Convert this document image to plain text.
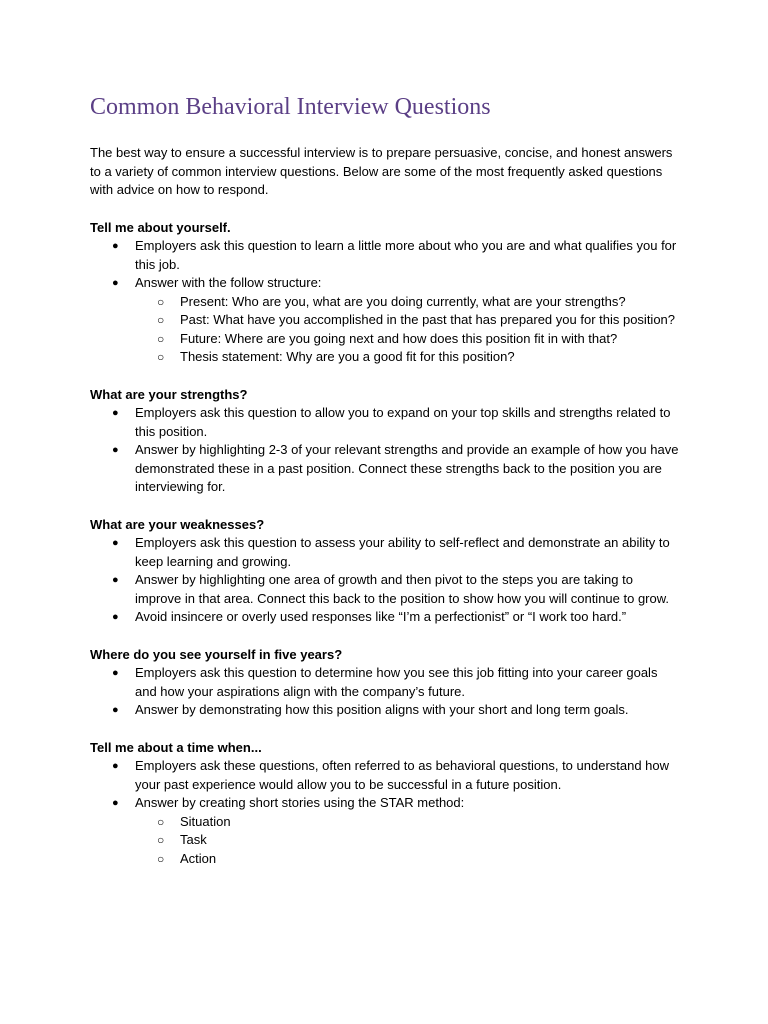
Common Behavioral Interview Questions

The best way to ensure a successful interview is to prepare persuasive, concise, and honest answers to a variety of common interview questions. Below are some of the most frequently asked questions with advice on how to respond.

Tell me about yourself.

● Employers ask this question to learn a little more about who you are and what qualifies you for this job.
● Answer with the follow structure:
○ Present: Who are you, what are you doing currently, what are your strengths?
○ Past: What have you accomplished in the past that has prepared you for this position?
○ Future: Where are you going next and how does this position fit in with that?
○ Thesis statement: Why are you a good fit for this position?

What are your strengths?

● Employers ask this question to allow you to expand on your top skills and strengths related to this position.
● Answer by highlighting 2-3 of your relevant strengths and provide an example of how you have demonstrated these in a past position. Connect these strengths back to the position you are interviewing for.

What are your weaknesses?

● Employers ask this question to assess your ability to self-reflect and demonstrate an ability to keep learning and growing.
● Answer by highlighting one area of growth and then pivot to the steps you are taking to improve in that area. Connect this back to the position to show how you will continue to grow.
● Avoid insincere or overly used responses like “I’m a perfectionist” or “I work too hard.”

Where do you see yourself in five years?

● Employers ask this question to determine how you see this job fitting into your career goals and how your aspirations align with the company’s future.
● Answer by demonstrating how this position aligns with your short and long term goals.

Tell me about a time when...

● Employers ask these questions, often referred to as behavioral questions, to understand how your past experience would allow you to be successful in a future position.
● Answer by creating short stories using the STAR method:
○ Situation
○ Task
○ Action
